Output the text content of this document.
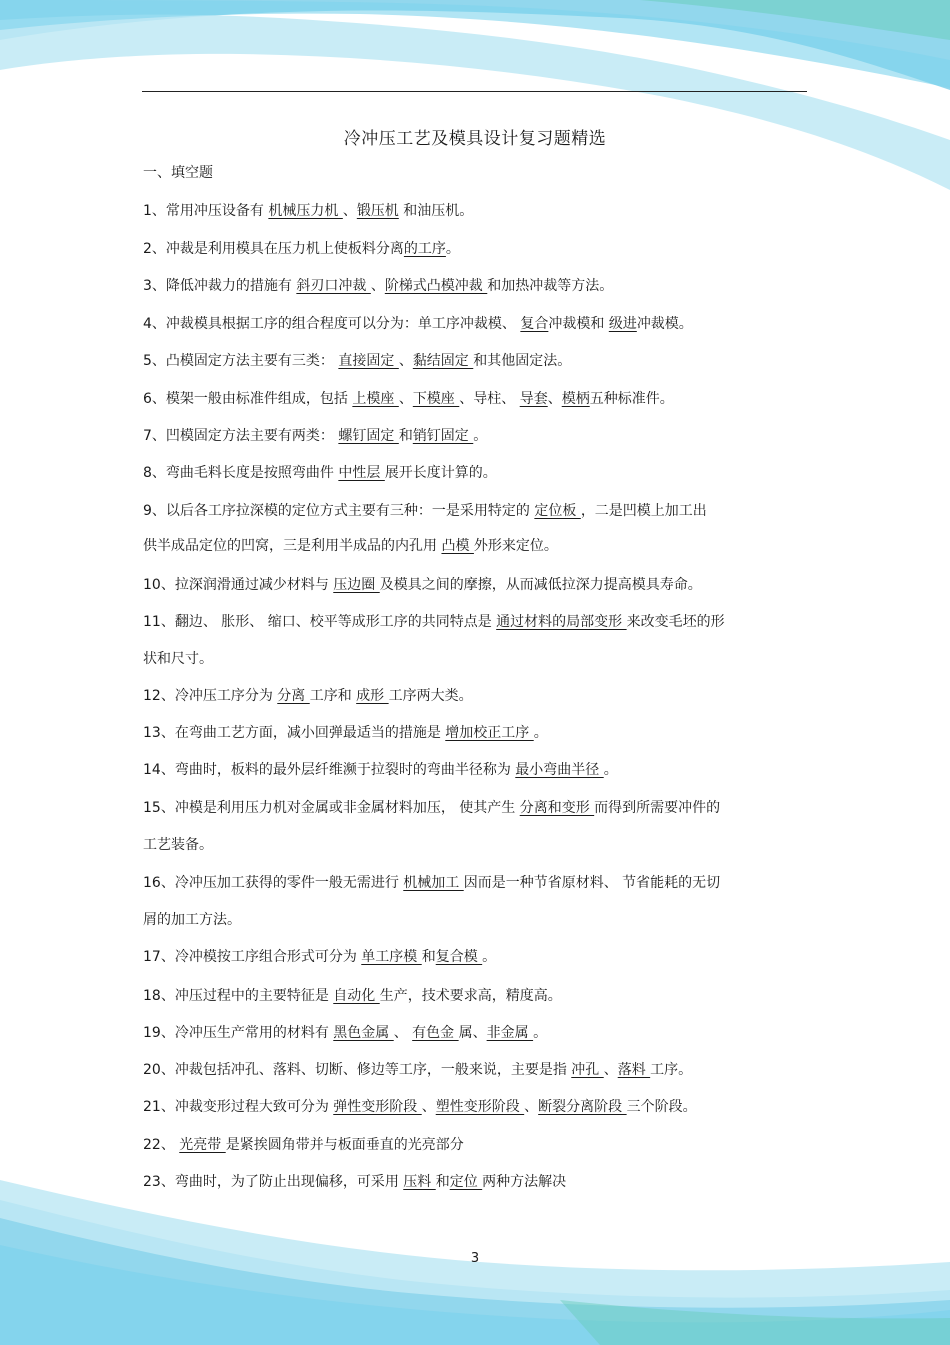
冷冲压工艺及模具设计复习题精选
一、填空题
1、常用冲压设备有 机械压力机 、锻压机 和油压机。
2、冲裁是利用模具在压力机上使板料分离的工序。
3、降低冲裁力的措施有 斜刃口冲裁 、阶梯式凸模冲裁 和加热冲裁等方法。
4、冲裁模具根据工序的组合程度可以分为：单工序冲裁模、 复合冲裁模和 级进冲裁模。
5、凸模固定方法主要有三类： 直接固定 、黏结固定 和其他固定法。
6、模架一般由标准件组成，包括 上模座 、下模座 、导柱、 导套、模柄五种标准件。
7、凹模固定方法主要有两类： 螺钉固定 和销钉固定 。
8、弯曲毛料长度是按照弯曲件 中性层 展开长度计算的。
9、以后各工序拉深模的定位方式主要有三种：一是采用特定的 定位板 ，二是凹模上加工出
供半成品定位的凹窝，三是利用半成品的内孔用 凸模 外形来定位。
10、拉深润滑通过减少材料与 压边圈 及模具之间的摩擦，从而减低拉深力提高模具寿命。
11、翻边、 胀形、 缩口、校平等成形工序的共同特点是 通过材料的局部变形 来改变毛坯的形
状和尺寸。
12、冷冲压工序分为 分离 工序和 成形 工序两大类。
13、在弯曲工艺方面，减小回弹最适当的措施是 增加校正工序 。
14、弯曲时，板料的最外层纤维濒于拉裂时的弯曲半径称为 最小弯曲半径 。
15、冲模是利用压力机对金属或非金属材料加压， 使其产生 分离和变形 而得到所需要冲件的
工艺装备。
16、冷冲压加工获得的零件一般无需进行 机械加工 因而是一种节省原材料、 节省能耗的无切
屑的加工方法。
17、冷冲模按工序组合形式可分为 单工序模 和复合模 。
18、冲压过程中的主要特征是 自动化 生产，技术要求高，精度高。
19、冷冲压生产常用的材料有 黑色金属 、 有色金 属、非金属 。
20、冲裁包括冲孔、落料、切断、修边等工序，一般来说，主要是指 冲孔 、落料 工序。
21、冲裁变形过程大致可分为 弹性变形阶段 、塑性变形阶段 、断裂分离阶段 三个阶段。
22、 光亮带 是紧挨圆角带并与板面垂直的光亮部分
23、弯曲时，为了防止出现偏移，可采用 压料 和定位 两种方法解决
3
